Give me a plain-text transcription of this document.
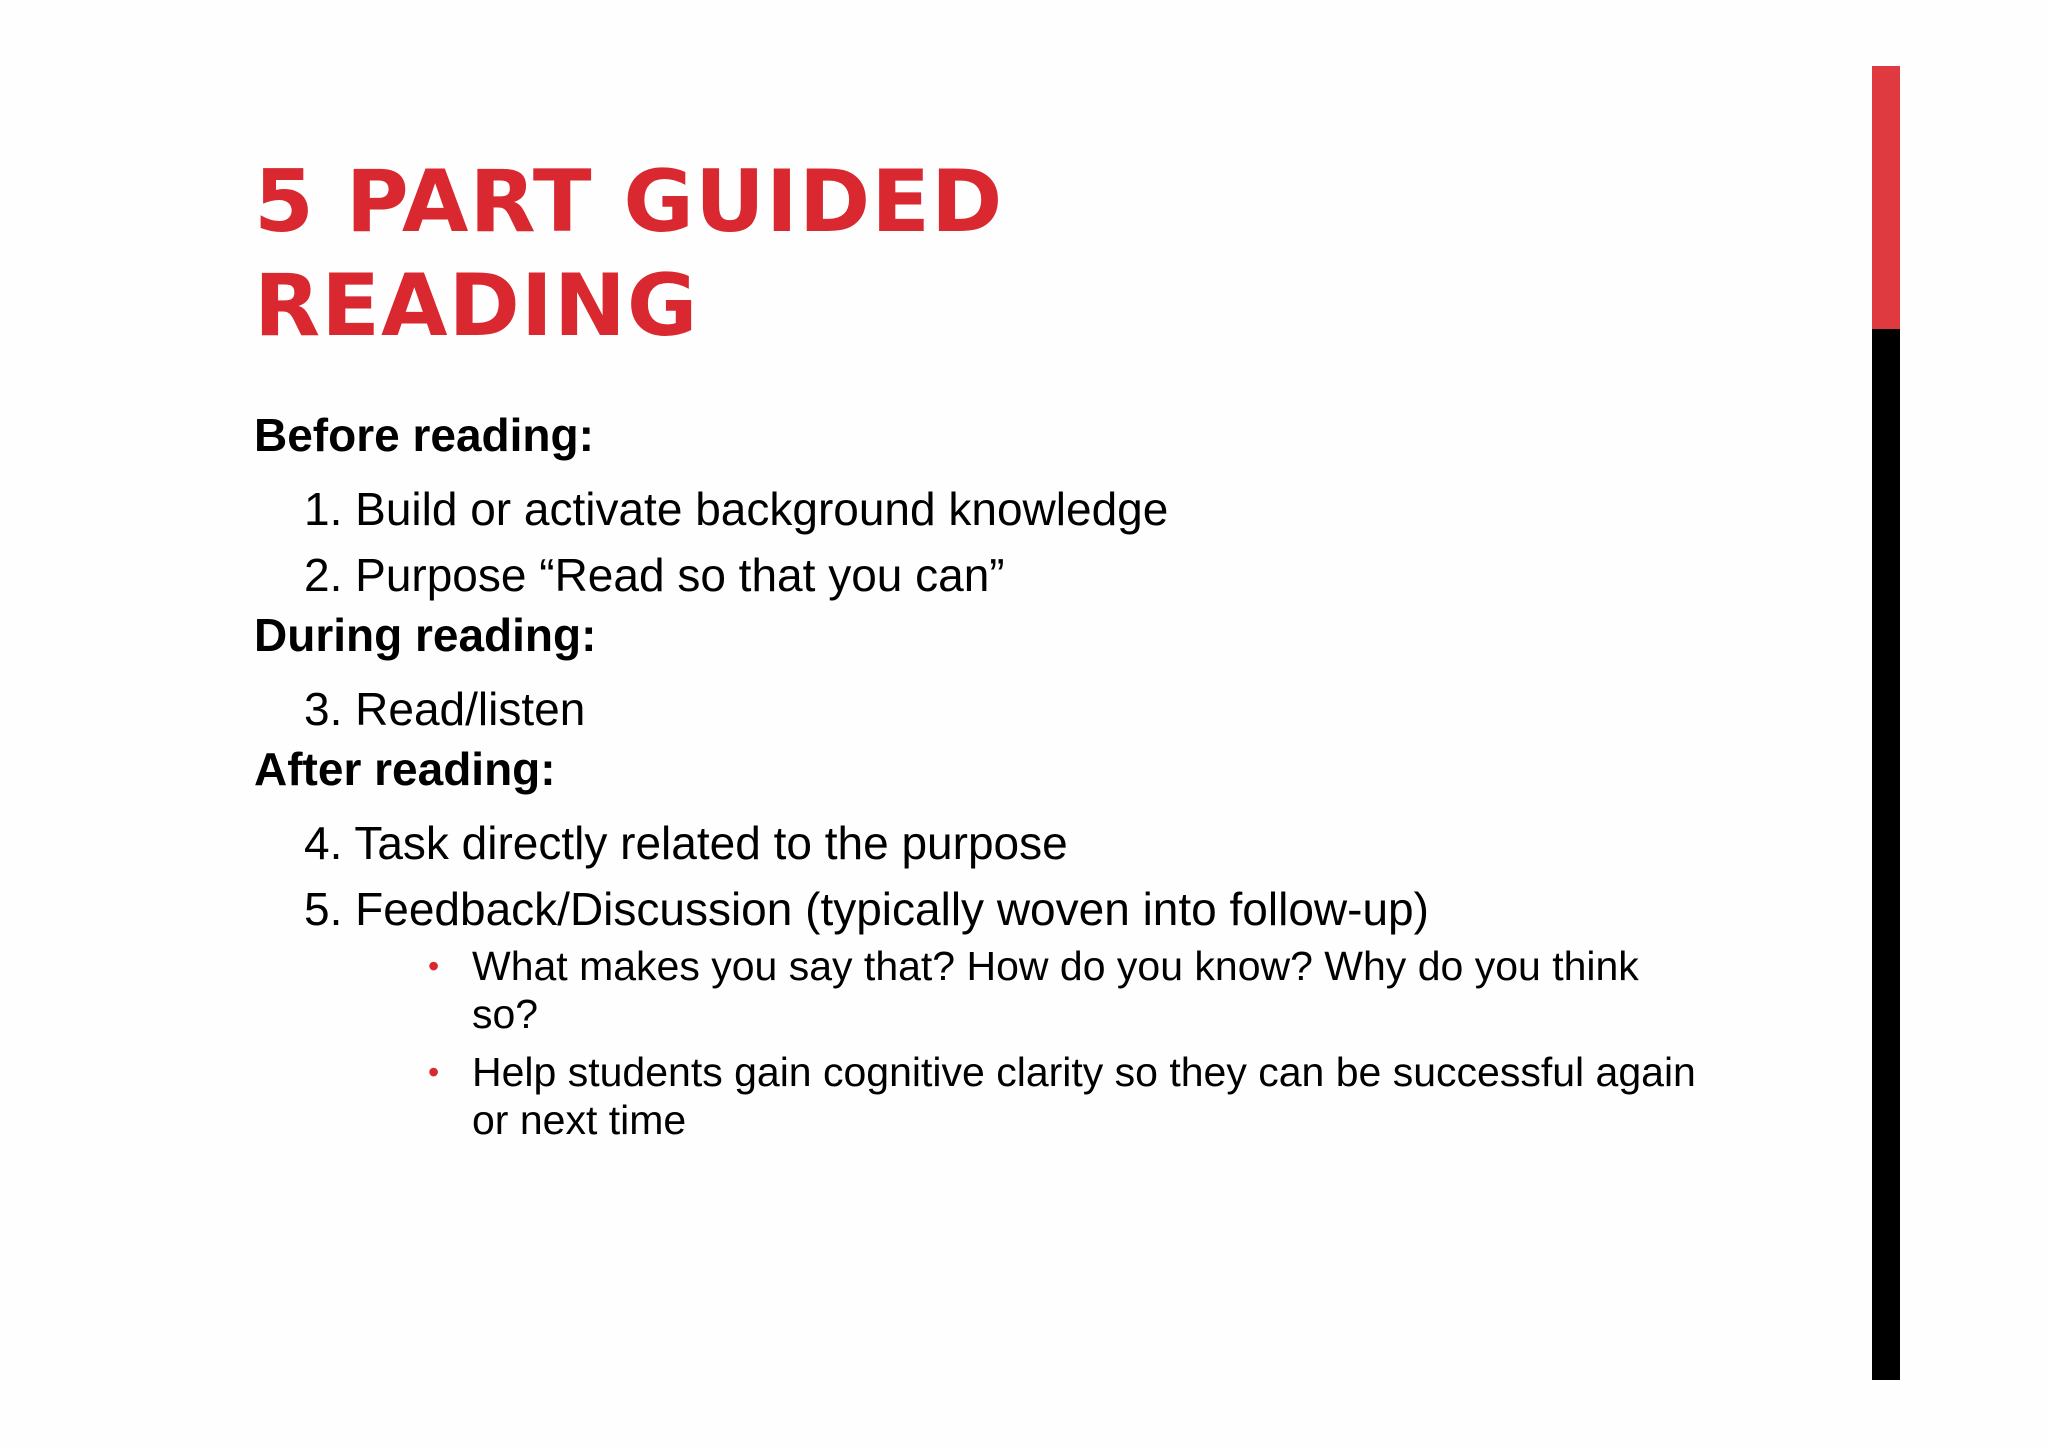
5 PART GUIDED
READING

Before reading:

1. Build or activate background knowledge
2. Purpose “Read so that you can”

During reading:

3. Read/listen

After reading:

4. Task directly related to the purpose
5. Feedback/Discussion (typically woven into follow-up)
• What makes you say that? How do you know? Why do you think so?
• Help students gain cognitive clarity so they can be successful again or next time
